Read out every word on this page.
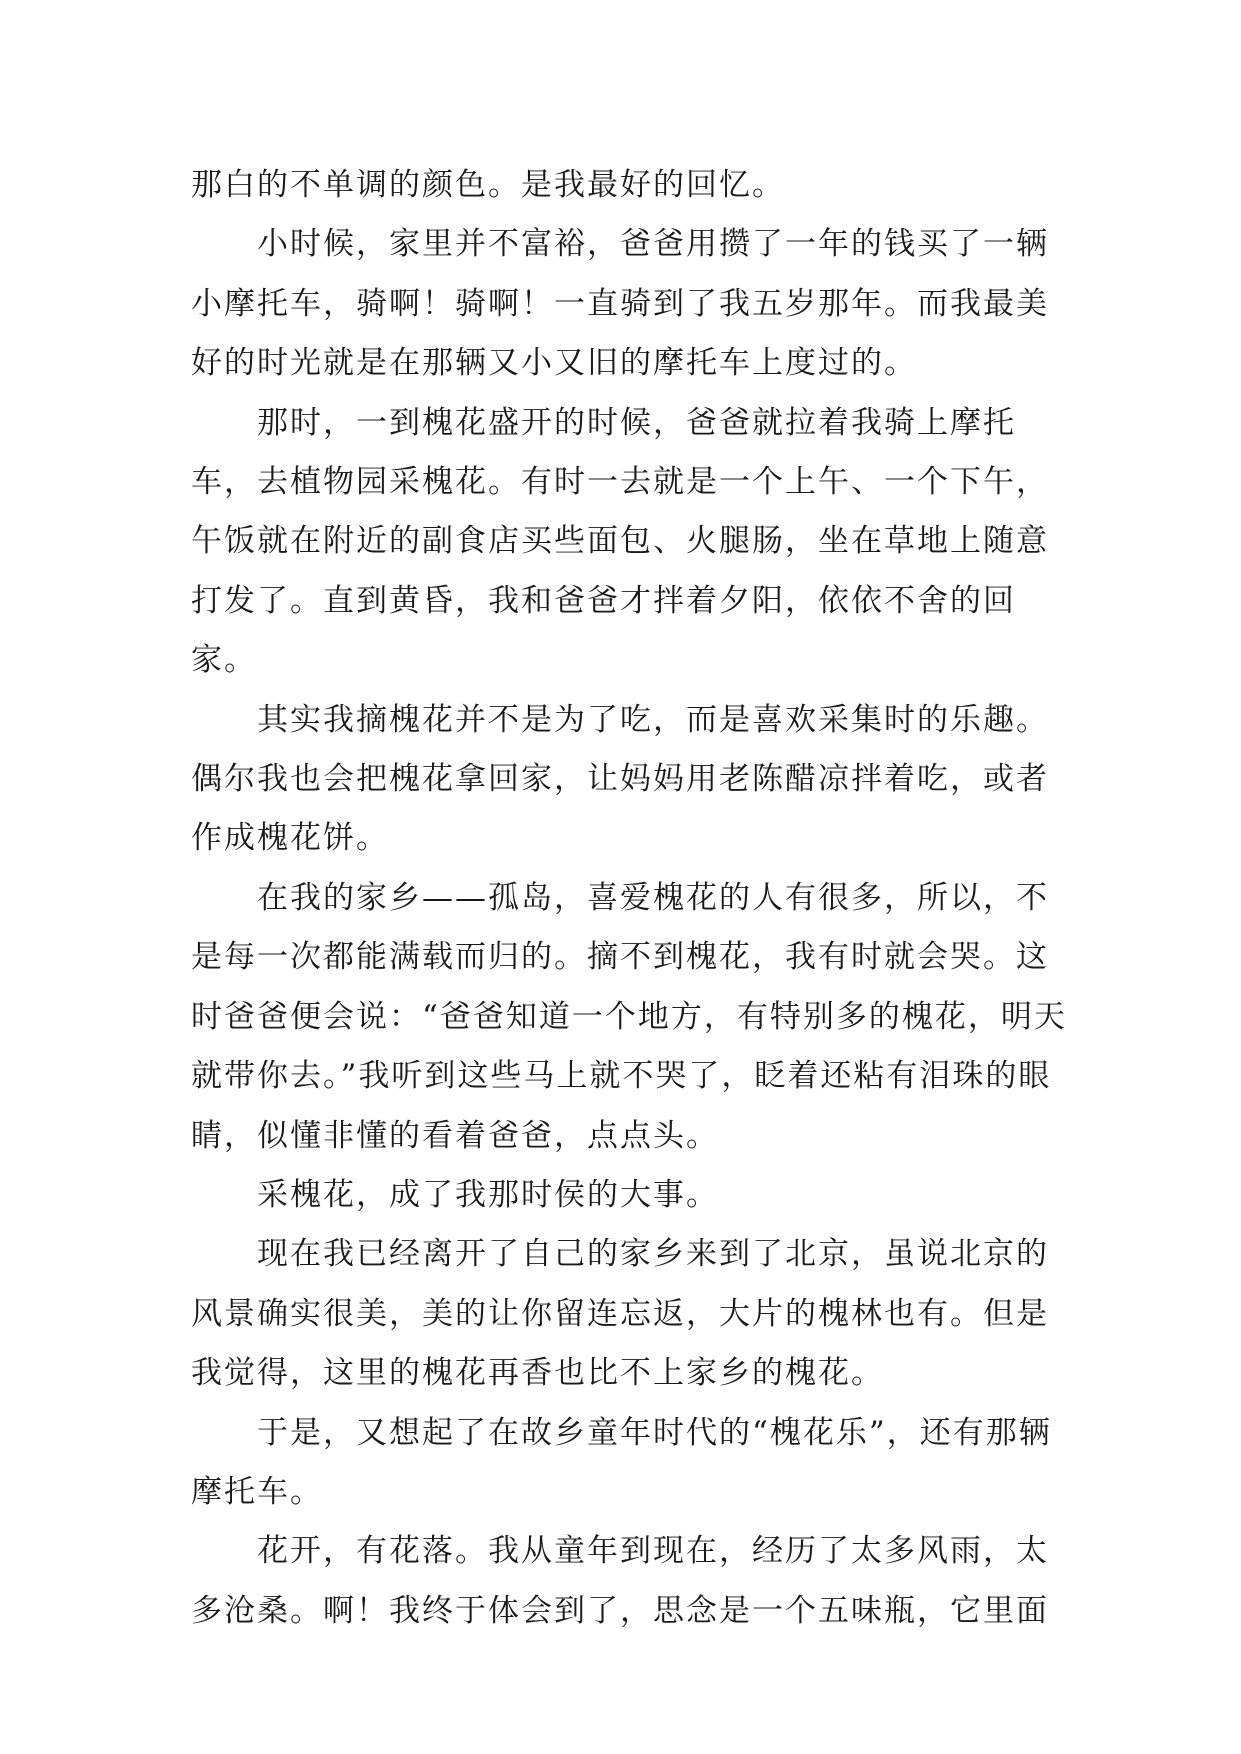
那白的不单调的颜色。是我最好的回忆。

小时候，家里并不富裕，爸爸用攒了一年的钱买了一辆小摩托车，骑啊！骑啊！一直骑到了我五岁那年。而我最美好的时光就是在那辆又小又旧的摩托车上度过的。

那时，一到槐花盛开的时候，爸爸就拉着我骑上摩托车，去植物园采槐花。有时一去就是一个上午、一个下午，午饭就在附近的副食店买些面包、火腿肠，坐在草地上随意打发了。直到黄昏，我和爸爸才拌着夕阳，依依不舍的回家。

其实我摘槐花并不是为了吃，而是喜欢采集时的乐趣。偶尔我也会把槐花拿回家，让妈妈用老陈醋凉拌着吃，或者作成槐花饼。

在我的家乡——孤岛，喜爱槐花的人有很多，所以，不是每一次都能满载而归的。摘不到槐花，我有时就会哭。这时爸爸便会说：“爸爸知道一个地方，有特别多的槐花，明天就带你去。”我听到这些马上就不哭了，眨着还粘有泪珠的眼睛，似懂非懂的看着爸爸，点点头。

采槐花，成了我那时侯的大事。

现在我已经离开了自己的家乡来到了北京，虽说北京的风景确实很美，美的让你留连忘返，大片的槐林也有。但是我觉得，这里的槐花再香也比不上家乡的槐花。

于是，又想起了在故乡童年时代的“槐花乐”，还有那辆摩托车。

花开，有花落。我从童年到现在，经历了太多风雨，太多沧桑。啊！我终于体会到了，思念是一个五味瓶，它里面
